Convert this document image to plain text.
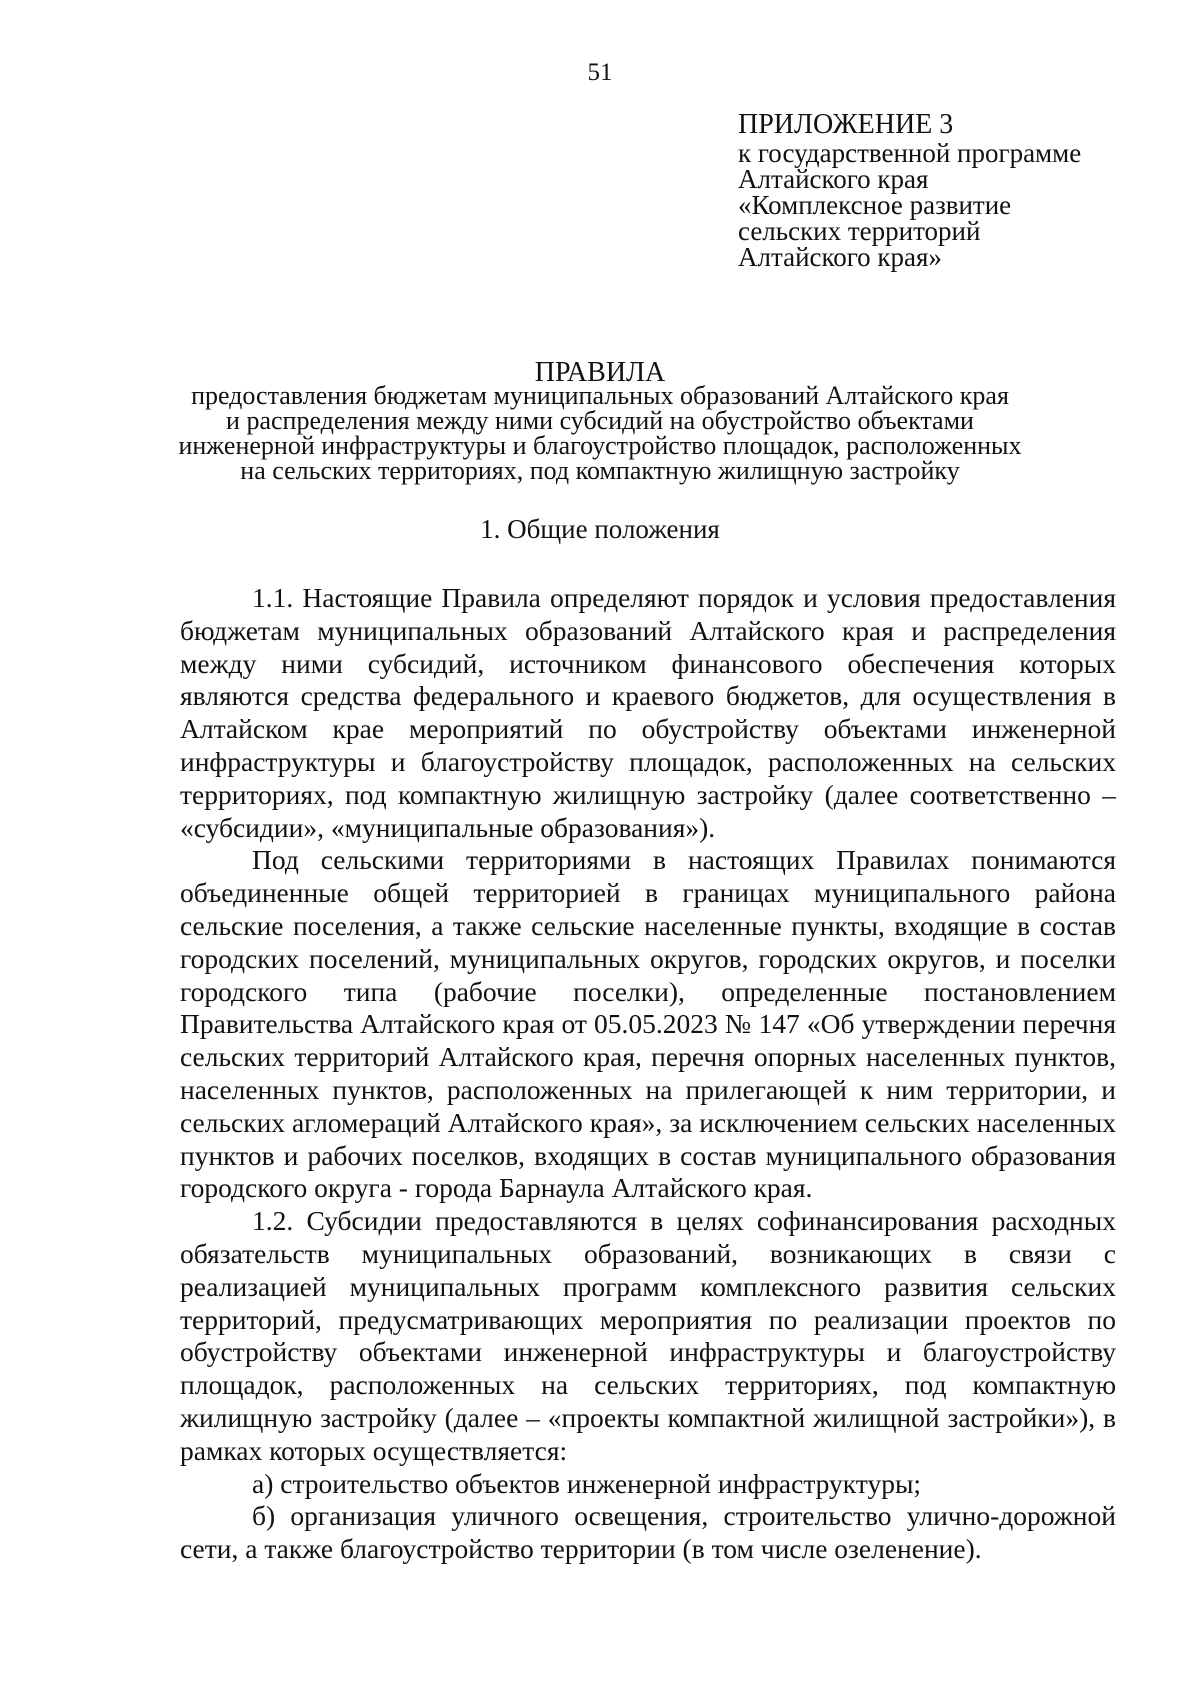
51
ПРИЛОЖЕНИЕ 3
к государственной программе
Алтайского края
«Комплексное развитие
сельских территорий
Алтайского края»
ПРАВИЛА
предоставления бюджетам муниципальных образований Алтайского края
и распределения между ними субсидий на обустройство объектами
инженерной инфраструктуры и благоустройство площадок, расположенных
на сельских территориях, под компактную жилищную застройку
1. Общие положения

1.1. Настоящие Правила определяют порядок и условия предоставления бюджетам муниципальных образований Алтайского края и распределения между ними субсидий, источником финансового обеспечения которых являются средства федерального и краевого бюджетов, для осуществления в Алтайском крае мероприятий по обустройству объектами инженерной инфраструктуры и благоустройству площадок, расположенных на сельских территориях, под компактную жилищную застройку (далее соответственно – «субсидии», «муниципальные образования»).

Под сельскими территориями в настоящих Правилах понимаются объединенные общей территорией в границах муниципального района сельские поселения, а также сельские населенные пункты, входящие в состав городских поселений, муниципальных округов, городских округов, и поселки городского типа (рабочие поселки), определенные постановлением Правительства Алтайского края от 05.05.2023 № 147 «Об утверждении перечня сельских территорий Алтайского края, перечня опорных населенных пунктов, населенных пунктов, расположенных на прилегающей к ним территории, и сельских агломераций Алтайского края», за исключением сельских населенных пунктов и рабочих поселков, входящих в состав муниципального образования городского округа - города Барнаула Алтайского края.

1.2. Субсидии предоставляются в целях софинансирования расходных обязательств муниципальных образований, возникающих в связи с реализацией муниципальных программ комплексного развития сельских территорий, предусматривающих мероприятия по реализации проектов по обустройству объектами инженерной инфраструктуры и благоустройству площадок, расположенных на сельских территориях, под компактную жилищную застройку (далее – «проекты компактной жилищной застройки»), в рамках которых осуществляется:

а) строительство объектов инженерной инфраструктуры;

б) организация уличного освещения, строительство улично-дорожной сети, а также благоустройство территории (в том числе озеленение).
